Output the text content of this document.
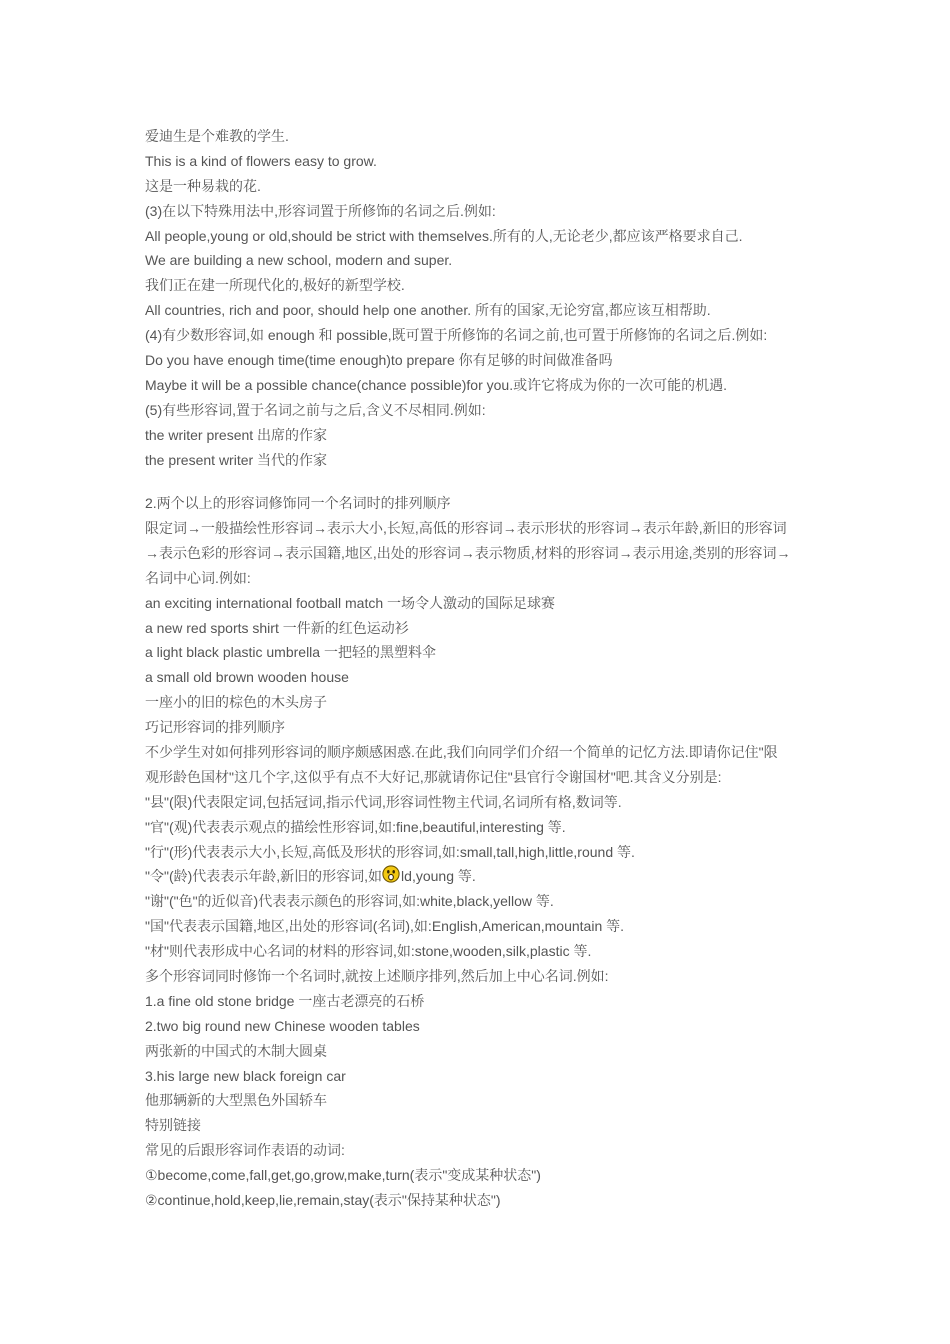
爱迪生是个难教的学生.
This is a kind of flowers easy to grow.
这是一种易栽的花.
(3)在以下特殊用法中,形容词置于所修饰的名词之后.例如:
All people,young or old,should be strict with themselves.所有的人,无论老少,都应该严格要求自己.
We are building a new school, modern and super.
我们正在建一所现代化的,极好的新型学校.
All countries, rich and poor, should help one another. 所有的国家,无论穷富,都应该互相帮助.
(4)有少数形容词,如 enough 和 possible,既可置于所修饰的名词之前,也可置于所修饰的名词之后.例如:
Do you have enough time(time enough)to prepare 你有足够的时间做准备吗
Maybe it will be a possible chance(chance possible)for you.或许它将成为你的一次可能的机遇.
(5)有些形容词,置于名词之前与之后,含义不尽相同.例如:
the writer present 出席的作家
the present writer 当代的作家
2.两个以上的形容词修饰同一个名词时的排列顺序
限定词→一般描绘性形容词→表示大小,长短,高低的形容词→表示形状的形容词→表示年龄,新旧的形容词
→表示色彩的形容词→表示国籍,地区,出处的形容词→表示物质,材料的形容词→表示用途,类别的形容词→
名词中心词.例如:
an exciting international football match 一场令人激动的国际足球赛
a new red sports shirt 一件新的红色运动衫
a light black plastic umbrella 一把轻的黑塑料伞
a small old brown wooden house
一座小的旧的棕色的木头房子
巧记形容词的排列顺序
不少学生对如何排列形容词的顺序颇感困惑.在此,我们向同学们介绍一个简单的记忆方法.即请你记住"限
观形龄色国材"这几个字,这似乎有点不大好记,那就请你记住"县官行令谢国材"吧.其含义分别是:
"县"(限)代表限定词,包括冠词,指示代词,形容词性物主代词,名词所有格,数词等.
"官"(观)代表表示观点的描绘性形容词,如:fine,beautiful,interesting 等.
"行"(形)代表表示大小,长短,高低及形状的形容词,如:small,tall,high,little,round 等.
"令"(龄)代表表示年龄,新旧的形容词,如 ld,young 等.
"谢"("色"的近似音)代表表示颜色的形容词,如:white,black,yellow 等.
"国"代表表示国籍,地区,出处的形容词(名词),如:English,American,mountain 等.
"材"则代表形成中心名词的材料的形容词,如:stone,wooden,silk,plastic 等.
多个形容词同时修饰一个名词时,就按上述顺序排列,然后加上中心名词.例如:
1.a fine old stone bridge 一座古老漂亮的石桥
2.two big round new Chinese wooden tables
两张新的中国式的木制大圆桌
3.his large new black foreign car
他那辆新的大型黑色外国轿车
特别链接
常见的后跟形容词作表语的动词:
①become,come,fall,get,go,grow,make,turn(表示"变成某种状态")
②continue,hold,keep,lie,remain,stay(表示"保持某种状态")
